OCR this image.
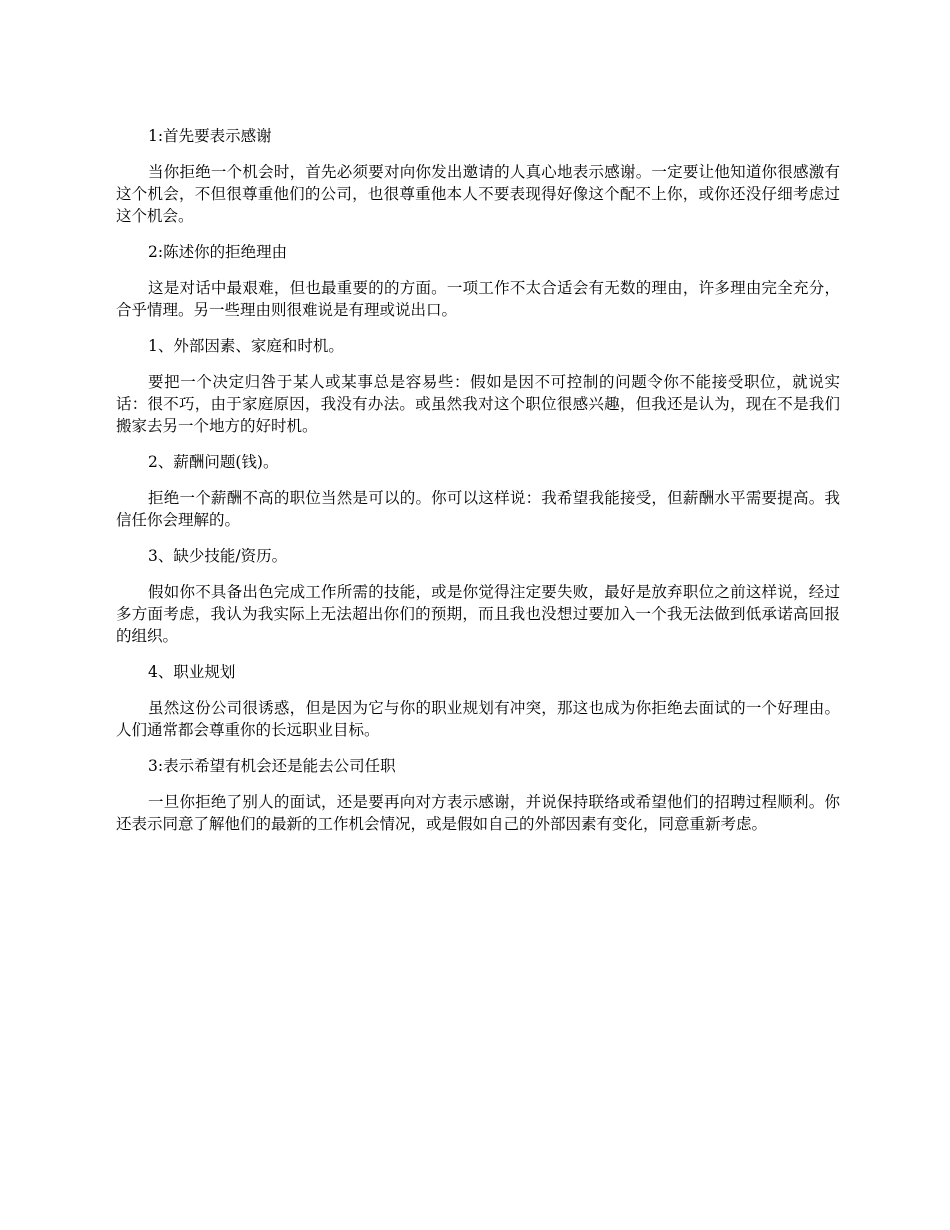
1:首先要表示感谢
当你拒绝一个机会时，首先必须要对向你发出邀请的人真心地表示感谢。一定要让他知道你很感激有这个机会，不但很尊重他们的公司，也很尊重他本人不要表现得好像这个配不上你，或你还没仔细考虑过这个机会。
2:陈述你的拒绝理由
这是对话中最艰难，但也最重要的的方面。一项工作不太合适会有无数的理由，许多理由完全充分，合乎情理。另一些理由则很难说是有理或说出口。
1、外部因素、家庭和时机。
要把一个决定归咎于某人或某事总是容易些：假如是因不可控制的问题令你不能接受职位，就说实话：很不巧，由于家庭原因，我没有办法。或虽然我对这个职位很感兴趣，但我还是认为，现在不是我们搬家去另一个地方的好时机。
2、薪酬问题(钱)。
拒绝一个薪酬不高的职位当然是可以的。你可以这样说：我希望我能接受，但薪酬水平需要提高。我信任你会理解的。
3、缺少技能/资历。
假如你不具备出色完成工作所需的技能，或是你觉得注定要失败，最好是放弃职位之前这样说，经过多方面考虑，我认为我实际上无法超出你们的预期，而且我也没想过要加入一个我无法做到低承诺高回报的组织。
4、职业规划
虽然这份公司很诱惑，但是因为它与你的职业规划有冲突，那这也成为你拒绝去面试的一个好理由。人们通常都会尊重你的长远职业目标。
3:表示希望有机会还是能去公司任职
一旦你拒绝了别人的面试，还是要再向对方表示感谢，并说保持联络或希望他们的招聘过程顺利。你还表示同意了解他们的最新的工作机会情况，或是假如自己的外部因素有变化，同意重新考虑。
